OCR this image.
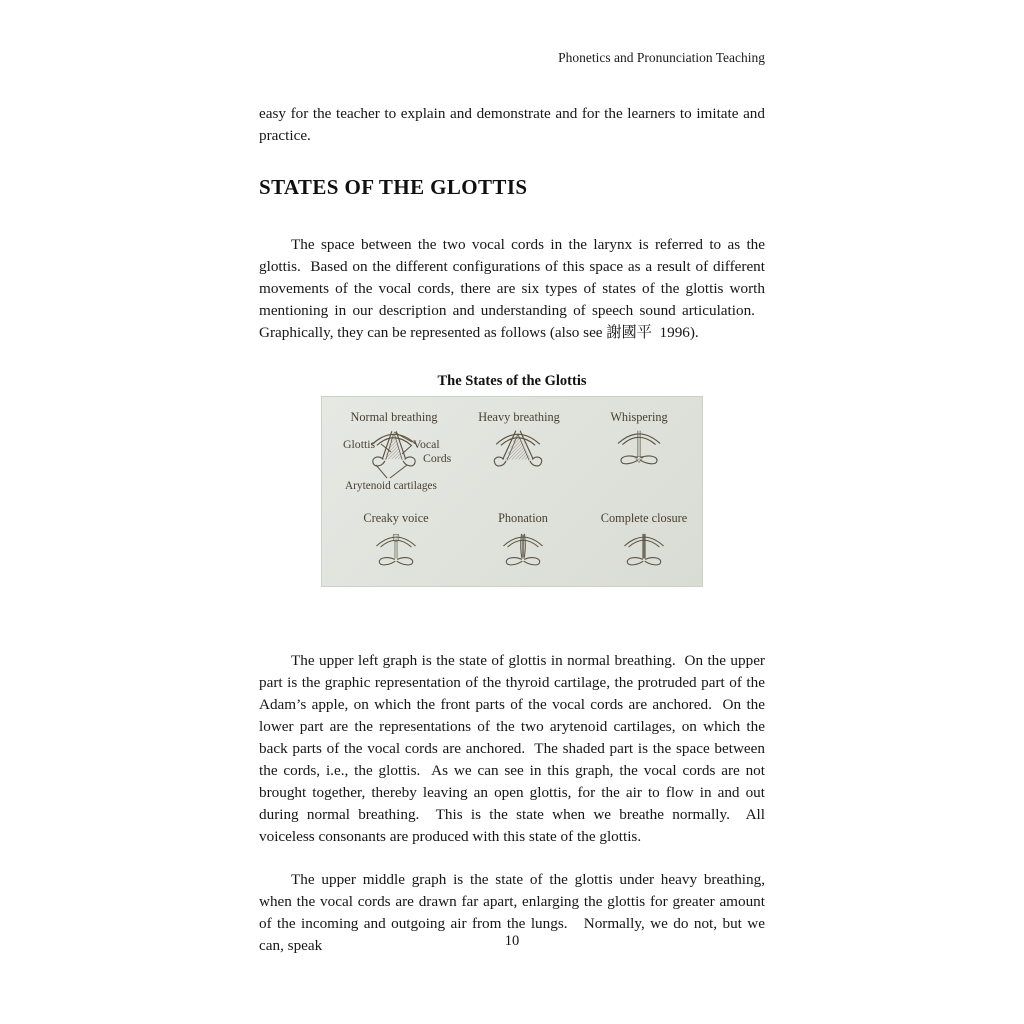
Phonetics and Pronunciation Teaching

easy for the teacher to explain and demonstrate and for the learners to imitate and practice.

STATES OF THE GLOTTIS

The space between the two vocal cords in the larynx is referred to as the glottis.  Based on the different configurations of this space as a result of different movements of the vocal cords, there are six types of states of the glottis worth mentioning in our description and understanding of speech sound articulation.   Graphically, they can be represented as follows (also see 謝國平  1996).

The States of the Glottis
Normal breathing	Heavy breathing	Whispering
Glottis	Vocal
Cords
Arytenoid cartilages
Creaky voice	Phonation	Complete closure

The upper left graph is the state of glottis in normal breathing.  On the upper part is the graphic representation of the thyroid cartilage, the protruded part of the Adam’s apple, on which the front parts of the vocal cords are anchored.  On the lower part are the representations of the two arytenoid cartilages, on which the back parts of the vocal cords are anchored.  The shaded part is the space between the cords, i.e., the glottis.  As we can see in this graph, the vocal cords are not brought together, thereby leaving an open glottis, for the air to flow in and out during normal breathing.  This is the state when we breathe normally.  All voiceless consonants are produced with this state of the glottis.

The upper middle graph is the state of the glottis under heavy breathing, when the vocal cords are drawn far apart, enlarging the glottis for greater amount of the incoming and outgoing air from the lungs.   Normally, we do not, but we can, speak	10
